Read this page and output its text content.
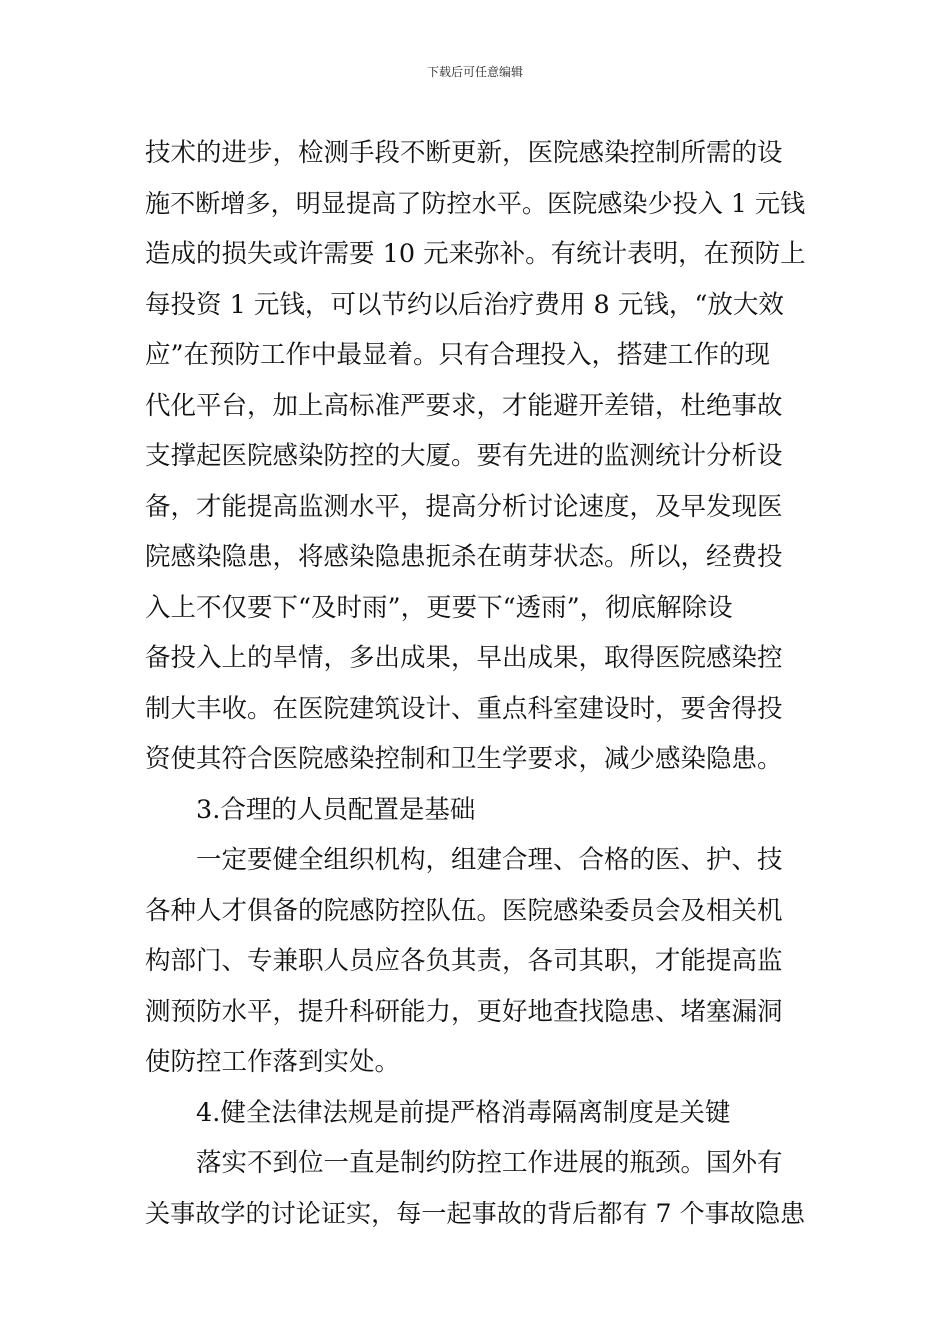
下载后可任意编辑
技术的进步，检测手段不断更新，医院感染控制所需的设
施不断增多，明显提高了防控水平。医院感染少投入 1 元钱
造成的损失或许需要 10 元来弥补。有统计表明，在预防上
每投资 1 元钱，可以节约以后治疗费用 8 元钱，“放大效
应”在预防工作中最显着。只有合理投入，搭建工作的现
代化平台，加上高标准严要求，才能避开差错，杜绝事故
支撑起医院感染防控的大厦。要有先进的监测统计分析设
备，才能提高监测水平，提高分析讨论速度，及早发现医
院感染隐患，将感染隐患扼杀在萌芽状态。所以，经费投
入上不仅要下“及时雨”，更要下“透雨”，彻底解除设
备投入上的旱情，多出成果，早出成果，取得医院感染控
制大丰收。在医院建筑设计、重点科室建设时，要舍得投
资使其符合医院感染控制和卫生学要求，减少感染隐患。
3.合理的人员配置是基础
一定要健全组织机构，组建合理、合格的医、护、技
各种人才俱备的院感防控队伍。医院感染委员会及相关机
构部门、专兼职人员应各负其责，各司其职，才能提高监
测预防水平，提升科研能力，更好地查找隐患、堵塞漏洞
使防控工作落到实处。
4.健全法律法规是前提严格消毒隔离制度是关键
落实不到位一直是制约防控工作进展的瓶颈。国外有
关事故学的讨论证实，每一起事故的背后都有 7 个事故隐患
